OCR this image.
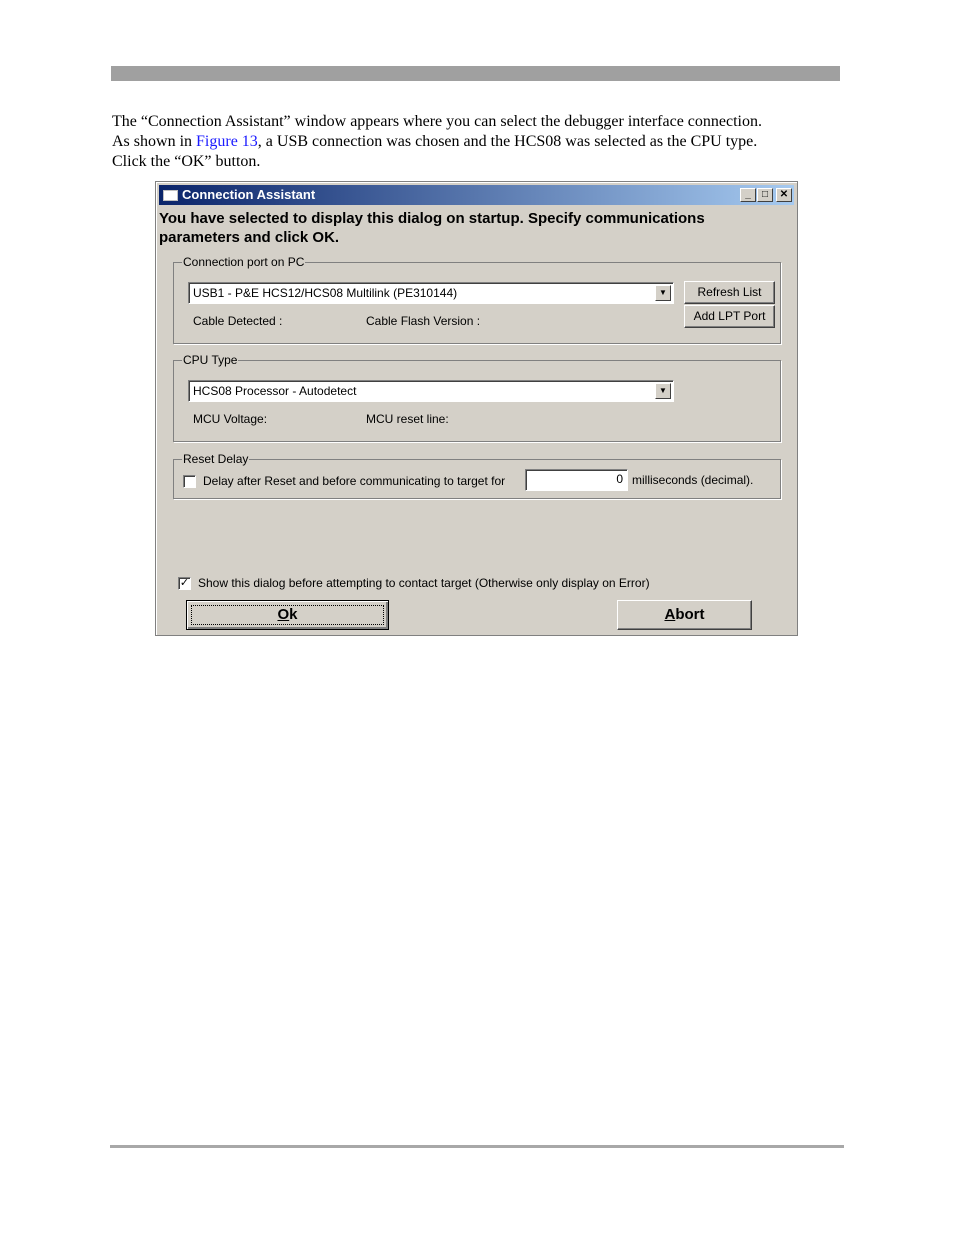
The “Connection Assistant” window appears where you can select the debugger interface connection.

As shown in Figure 13, a USB connection was chosen and the HCS08 was selected as the CPU type.

Click the “OK” button.

Connection Assistant	_	□	✕
You have selected to display this dialog on startup. Specify communications parameters and click OK.
Connection port on PC
USB1 - P&E HCS12/HCS08 Multilink (PE310144)	▼	Refresh List
Add LPT Port
Cable Detected :	Cable Flash Version :
CPU Type
HCS08 Processor - Autodetect	▼
MCU Voltage:	MCU reset line:
Reset Delay
Delay after Reset and before communicating to target for	0 milliseconds (decimal).
✓ Show this dialog before attempting to contact target (Otherwise only display on Error)
Ok	Abort
